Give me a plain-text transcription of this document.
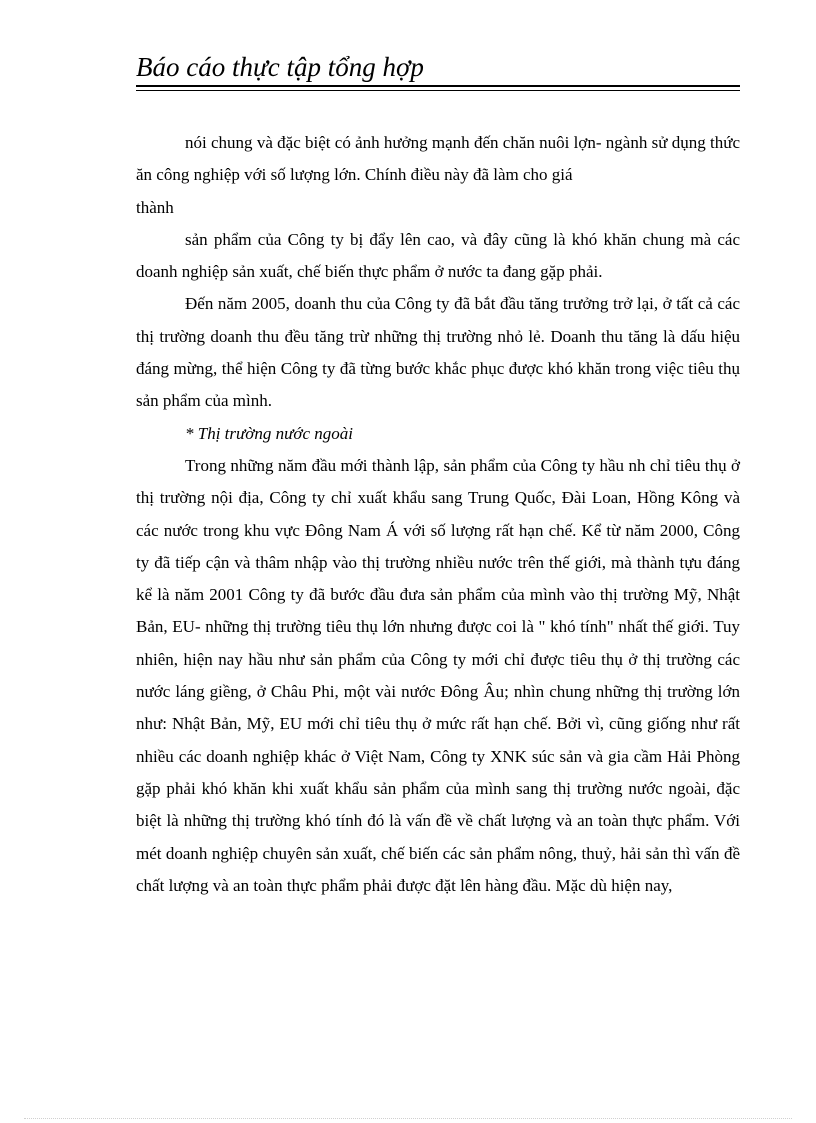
Báo cáo thực tập tổng hợp

nói chung và đặc biệt có ảnh hưởng mạnh đến chăn nuôi lợn- ngành sử dụng thức ăn công nghiệp với số lượng lớn. Chính điều này đã làm cho giá

thành

sản phẩm của Công ty bị đẩy lên cao, và đây cũng là khó khăn chung mà các doanh nghiệp sản xuất, chế biến thực phẩm ở nước ta đang gặp phải.

Đến năm 2005, doanh thu của Công ty đã bắt đầu tăng trưởng trở lại, ở tất cả các thị trường doanh thu đều tăng trừ những thị trường nhỏ lẻ. Doanh thu tăng là dấu hiệu đáng mừng, thể hiện Công ty đã từng bước khắc phục được khó khăn trong việc tiêu thụ sản phẩm của mình.

* Thị trường nước ngoài

Trong những năm đầu mới thành lập, sản phẩm của Công ty hầu nh chỉ tiêu thụ ở thị trường nội địa, Công ty chỉ xuất khẩu sang Trung Quốc, Đài Loan, Hồng Kông và các nước trong khu vực Đông Nam Á với số lượng rất hạn chế. Kể từ năm 2000, Công ty đã tiếp cận và thâm nhập vào thị trường nhiều nước trên thế giới, mà thành tựu đáng kể là năm 2001 Công ty đã bước đầu đưa sản phẩm của mình vào thị trường Mỹ, Nhật Bản, EU- những thị trường tiêu thụ lớn nhưng được coi là " khó tính" nhất thế giới. Tuy nhiên, hiện nay hầu như sản phẩm của Công ty mới chỉ được tiêu thụ ở thị trường các nước láng giềng, ở Châu Phi, một vài nước Đông Âu; nhìn chung những thị trường lớn như: Nhật Bản, Mỹ, EU mới chỉ tiêu thụ ở mức rất hạn chế. Bởi vì, cũng giống như rất nhiều các doanh nghiệp khác ở Việt Nam, Công ty XNK súc sản và gia cầm Hải Phòng gặp phải khó khăn khi xuất khẩu sản phẩm của mình sang thị trường nước ngoài, đặc biệt là những thị trường khó tính đó là vấn đề về chất lượng và an toàn thực phẩm. Với mét doanh nghiệp chuyên sản xuất, chế biến các sản phẩm nông, thuỷ, hải sản thì vấn đề chất lượng và an toàn thực phẩm phải được đặt lên hàng đầu. Mặc dù hiện nay,
